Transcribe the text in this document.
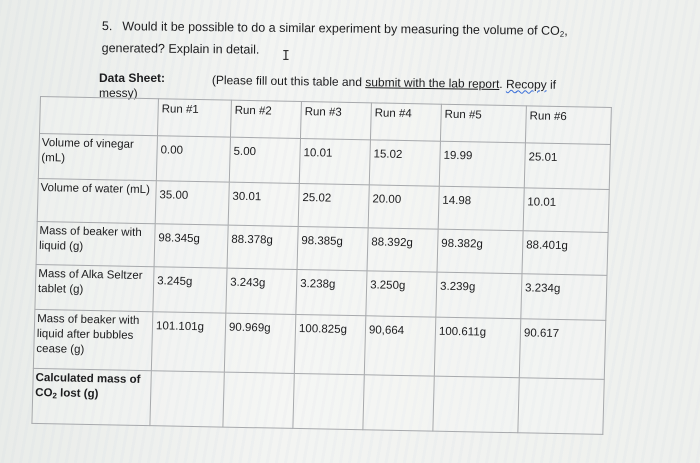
5. Would it be possible to do a similar experiment by measuring the volume of $CO_2$,
generated? Explain in detail.	I
Data Sheet:
messy)
(Please fill out this table and submit with the lab report. Recopy if
	Run #1	Run #2	Run #3	Run #4	Run #5	Run #6
Volume of vinegar (mL)	0.00	5.00	10.01	15.02	19.99	25.01
Volume of water (mL)	35.00	30.01	25.02	20.00	14.98	10.01
Mass of beaker with liquid (g)	98.345g	88.378g	98.385g	88.392g	98.382g	88.401g
Mass of Alka Seltzer tablet (g)	3.245g	3.243g	3.238g	3.250g	3.239g	3.234g
Mass of beaker with liquid after bubbles cease (g)	101.101g	90.969g	100.825g	90,664	100.611g	90.617
Calculated mass of $CO_2$ lost (g)						
